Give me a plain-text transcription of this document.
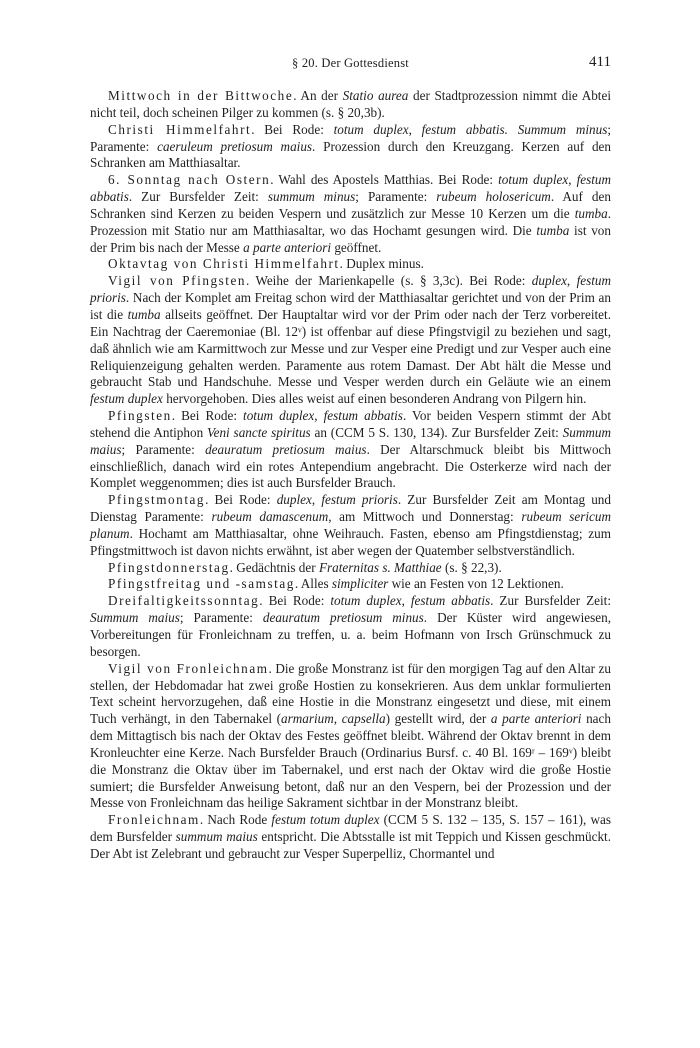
§ 20. Der Gottesdienst	411

Mittwoch in der Bittwoche. An der Statio aurea der Stadtprozession nimmt die Abtei nicht teil, doch scheinen Pilger zu kommen (s. § 20,3b).

Christi Himmelfahrt. Bei Rode: totum duplex, festum abbatis. Summum minus; Paramente: caeruleum pretiosum maius. Prozession durch den Kreuzgang. Kerzen auf den Schranken am Matthiasaltar.

6. Sonntag nach Ostern. Wahl des Apostels Matthias. Bei Rode: totum duplex, festum abbatis. Zur Bursfelder Zeit: summum minus; Paramente: rubeum holosericum. Auf den Schranken sind Kerzen zu beiden Vespern und zusätzlich zur Messe 10 Kerzen um die tumba. Prozession mit Statio nur am Matthiasaltar, wo das Hochamt gesungen wird. Die tumba ist von der Prim bis nach der Messe a parte anteriori geöffnet.

Oktavtag von Christi Himmelfahrt. Duplex minus.

Vigil von Pfingsten. Weihe der Marienkapelle (s. § 3,3c). Bei Rode: duplex, festum prioris. Nach der Komplet am Freitag schon wird der Matthiasaltar gerichtet und von der Prim an ist die tumba allseits geöffnet. Der Hauptaltar wird vor der Prim oder nach der Terz vorbereitet. Ein Nachtrag der Caeremoniae (Bl. 12ᵛ) ist offenbar auf diese Pfingstvigil zu beziehen und sagt, daß ähnlich wie am Karmittwoch zur Messe und zur Vesper eine Predigt und zur Vesper auch eine Reliquienzeigung gehalten werden. Paramente aus rotem Damast. Der Abt hält die Messe und gebraucht Stab und Handschuhe. Messe und Vesper werden durch ein Geläute wie an einem festum duplex hervorgehoben. Dies alles weist auf einen besonderen Andrang von Pilgern hin.

Pfingsten. Bei Rode: totum duplex, festum abbatis. Vor beiden Vespern stimmt der Abt stehend die Antiphon Veni sancte spiritus an (CCM 5 S. 130, 134). Zur Bursfelder Zeit: Summum maius; Paramente: deauratum pretiosum maius. Der Altarschmuck bleibt bis Mittwoch einschließlich, danach wird ein rotes Antependium angebracht. Die Osterkerze wird nach der Komplet weggenommen; dies ist auch Bursfelder Brauch.

Pfingstmontag. Bei Rode: duplex, festum prioris. Zur Bursfelder Zeit am Montag und Dienstag Paramente: rubeum damascenum, am Mittwoch und Donnerstag: rubeum sericum planum. Hochamt am Matthiasaltar, ohne Weihrauch. Fasten, ebenso am Pfingstdienstag; zum Pfingstmittwoch ist davon nichts erwähnt, ist aber wegen der Quatember selbstverständlich.

Pfingstdonnerstag. Gedächtnis der Fraternitas s. Matthiae (s. § 22,3).

Pfingstfreitag und -samstag. Alles simpliciter wie an Festen von 12 Lektionen.

Dreifaltigkeitssonntag. Bei Rode: totum duplex, festum abbatis. Zur Bursfelder Zeit: Summum maius; Paramente: deauratum pretiosum minus. Der Küster wird angewiesen, Vorbereitungen für Fronleichnam zu treffen, u. a. beim Hofmann von Irsch Grünschmuck zu besorgen.

Vigil von Fronleichnam. Die große Monstranz ist für den morgigen Tag auf den Altar zu stellen, der Hebdomadar hat zwei große Hostien zu konsekrieren. Aus dem unklar formulierten Text scheint hervorzugehen, daß eine Hostie in die Monstranz eingesetzt und diese, mit einem Tuch verhängt, in den Tabernakel (armarium, capsella) gestellt wird, der a parte anteriori nach dem Mittagtisch bis nach der Oktav des Festes geöffnet bleibt. Während der Oktav brennt in dem Kronleuchter eine Kerze. Nach Bursfelder Brauch (Ordinarius Bursf. c. 40 Bl. 169ʳ – 169ᵛ) bleibt die Monstranz die Oktav über im Tabernakel, und erst nach der Oktav wird die große Hostie sumiert; die Bursfelder Anweisung betont, daß nur an den Vespern, bei der Prozession und der Messe von Fronleichnam das heilige Sakrament sichtbar in der Monstranz bleibt.

Fronleichnam. Nach Rode festum totum duplex (CCM 5 S. 132 – 135, S. 157 – 161), was dem Bursfelder summum maius entspricht. Die Abtsstalle ist mit Teppich und Kissen geschmückt. Der Abt ist Zelebrant und gebraucht zur Vesper Superpelliz, Chormantel und
